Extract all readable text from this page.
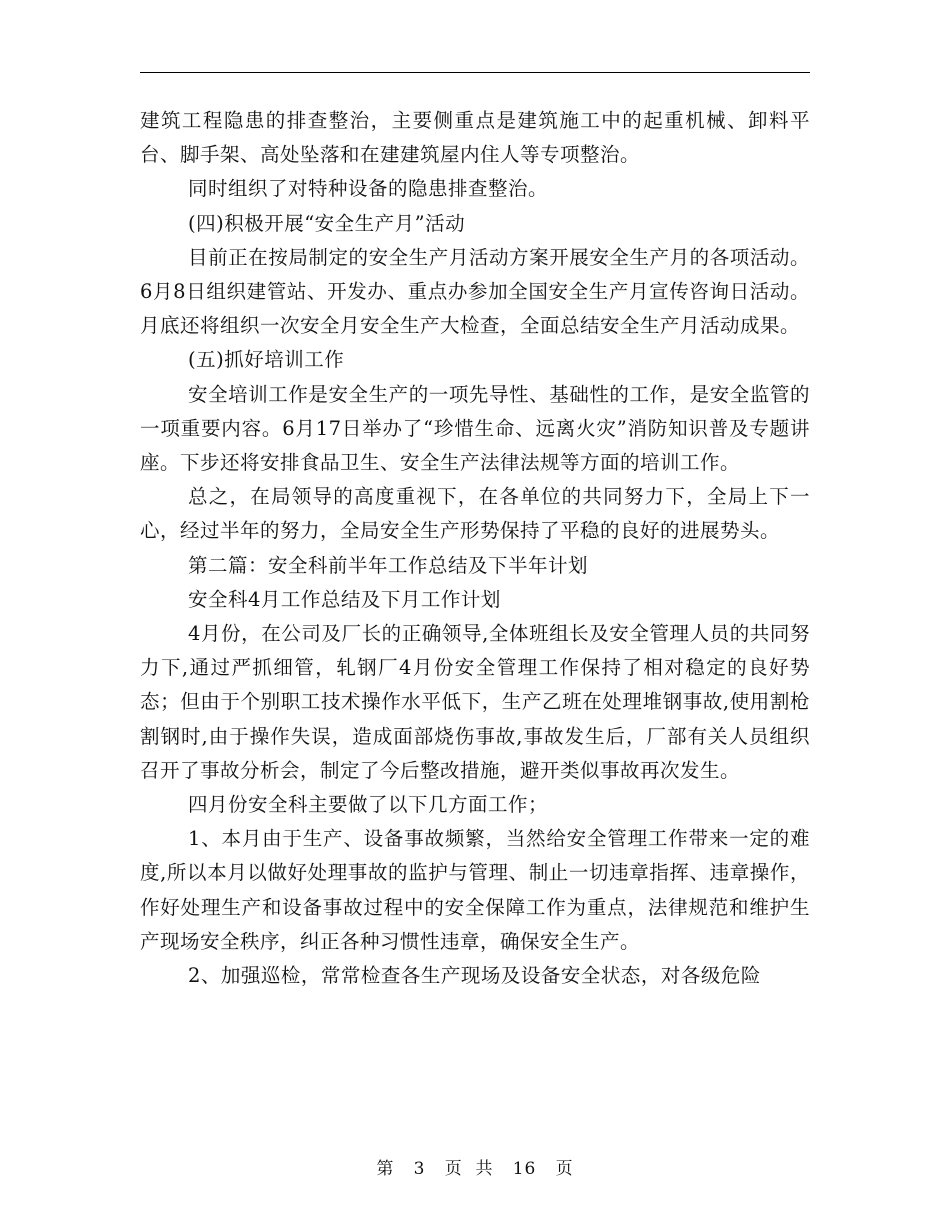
建筑工程隐患的排查整治，主要侧重点是建筑施工中的起重机械、卸料平台、脚手架、高处坠落和在建建筑屋内住人等专项整治。

同时组织了对特种设备的隐患排查整治。

(四)积极开展“安全生产月”活动

目前正在按局制定的安全生产月活动方案开展安全生产月的各项活动。6月8日组织建管站、开发办、重点办参加全国安全生产月宣传咨询日活动。月底还将组织一次安全月安全生产大检查，全面总结安全生产月活动成果。

(五)抓好培训工作

安全培训工作是安全生产的一项先导性、基础性的工作，是安全监管的一项重要内容。6月17日举办了“珍惜生命、远离火灾”消防知识普及专题讲座。下步还将安排食品卫生、安全生产法律法规等方面的培训工作。

总之，在局领导的高度重视下，在各单位的共同努力下，全局上下一心，经过半年的努力，全局安全生产形势保持了平稳的良好的进展势头。

第二篇：安全科前半年工作总结及下半年计划

安全科4月工作总结及下月工作计划

4月份，在公司及厂长的正确领导,全体班组长及安全管理人员的共同努力下,通过严抓细管，轧钢厂4月份安全管理工作保持了相对稳定的良好势态；但由于个别职工技术操作水平低下，生产乙班在处理堆钢事故,使用割枪割钢时,由于操作失误，造成面部烧伤事故,事故发生后，厂部有关人员组织召开了事故分析会，制定了今后整改措施，避开类似事故再次发生。

四月份安全科主要做了以下几方面工作；

1、本月由于生产、设备事故频繁，当然给安全管理工作带来一定的难度,所以本月以做好处理事故的监护与管理、制止一切违章指挥、违章操作，作好处理生产和设备事故过程中的安全保障工作为重点，法律规范和维护生产现场安全秩序，纠正各种习惯性违章，确保安全生产。

2、加强巡检，常常检查各生产现场及设备安全状态，对各级危险

第 3 页  共 16 页
